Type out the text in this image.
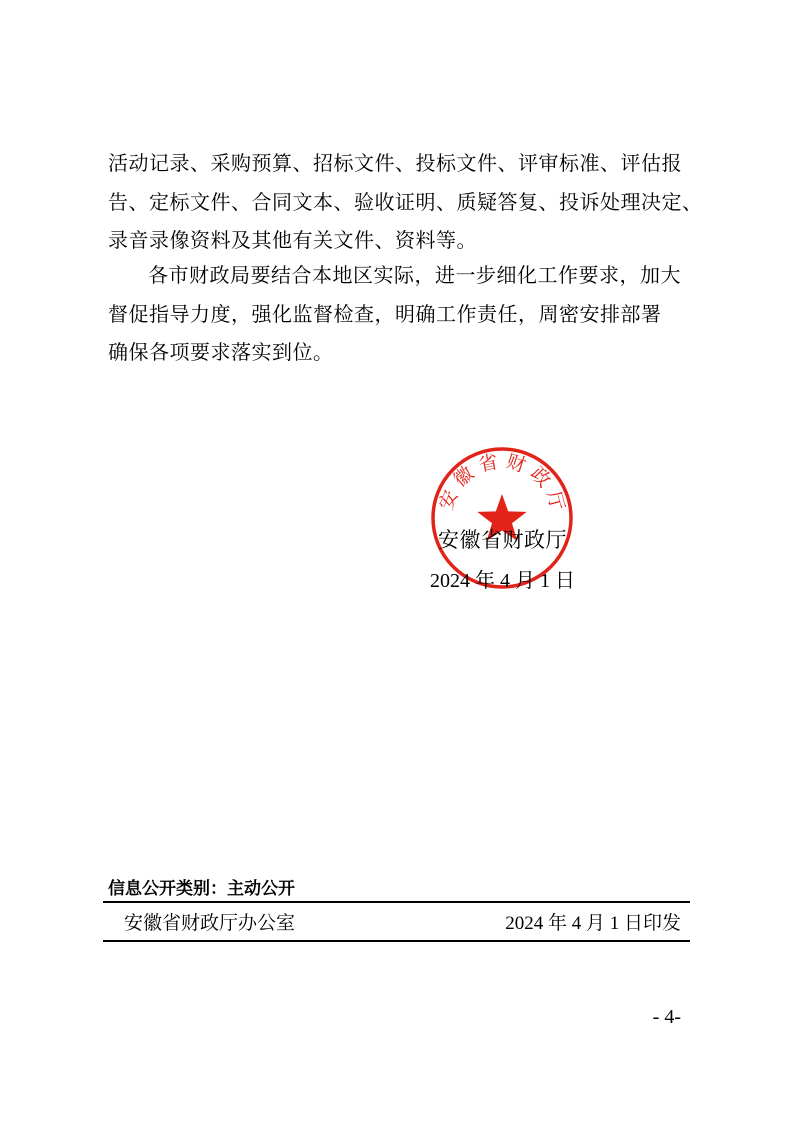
活动记录、采购预算、招标文件、投标文件、评审标准、评估报
告、定标文件、合同文本、验收证明、质疑答复、投诉处理决定、
录音录像资料及其他有关文件、资料等。
各市财政局要结合本地区实际，进一步细化工作要求，加大
督促指导力度，强化监督检查，明确工作责任，周密安排部署
确保各项要求落实到位。
安徽省财政厅
安徽省财政厅
2024 年 4 月 1 日
信息公开类别：主动公开
安徽省财政厅办公室	2024 年 4 月 1 日印发
- 4-
